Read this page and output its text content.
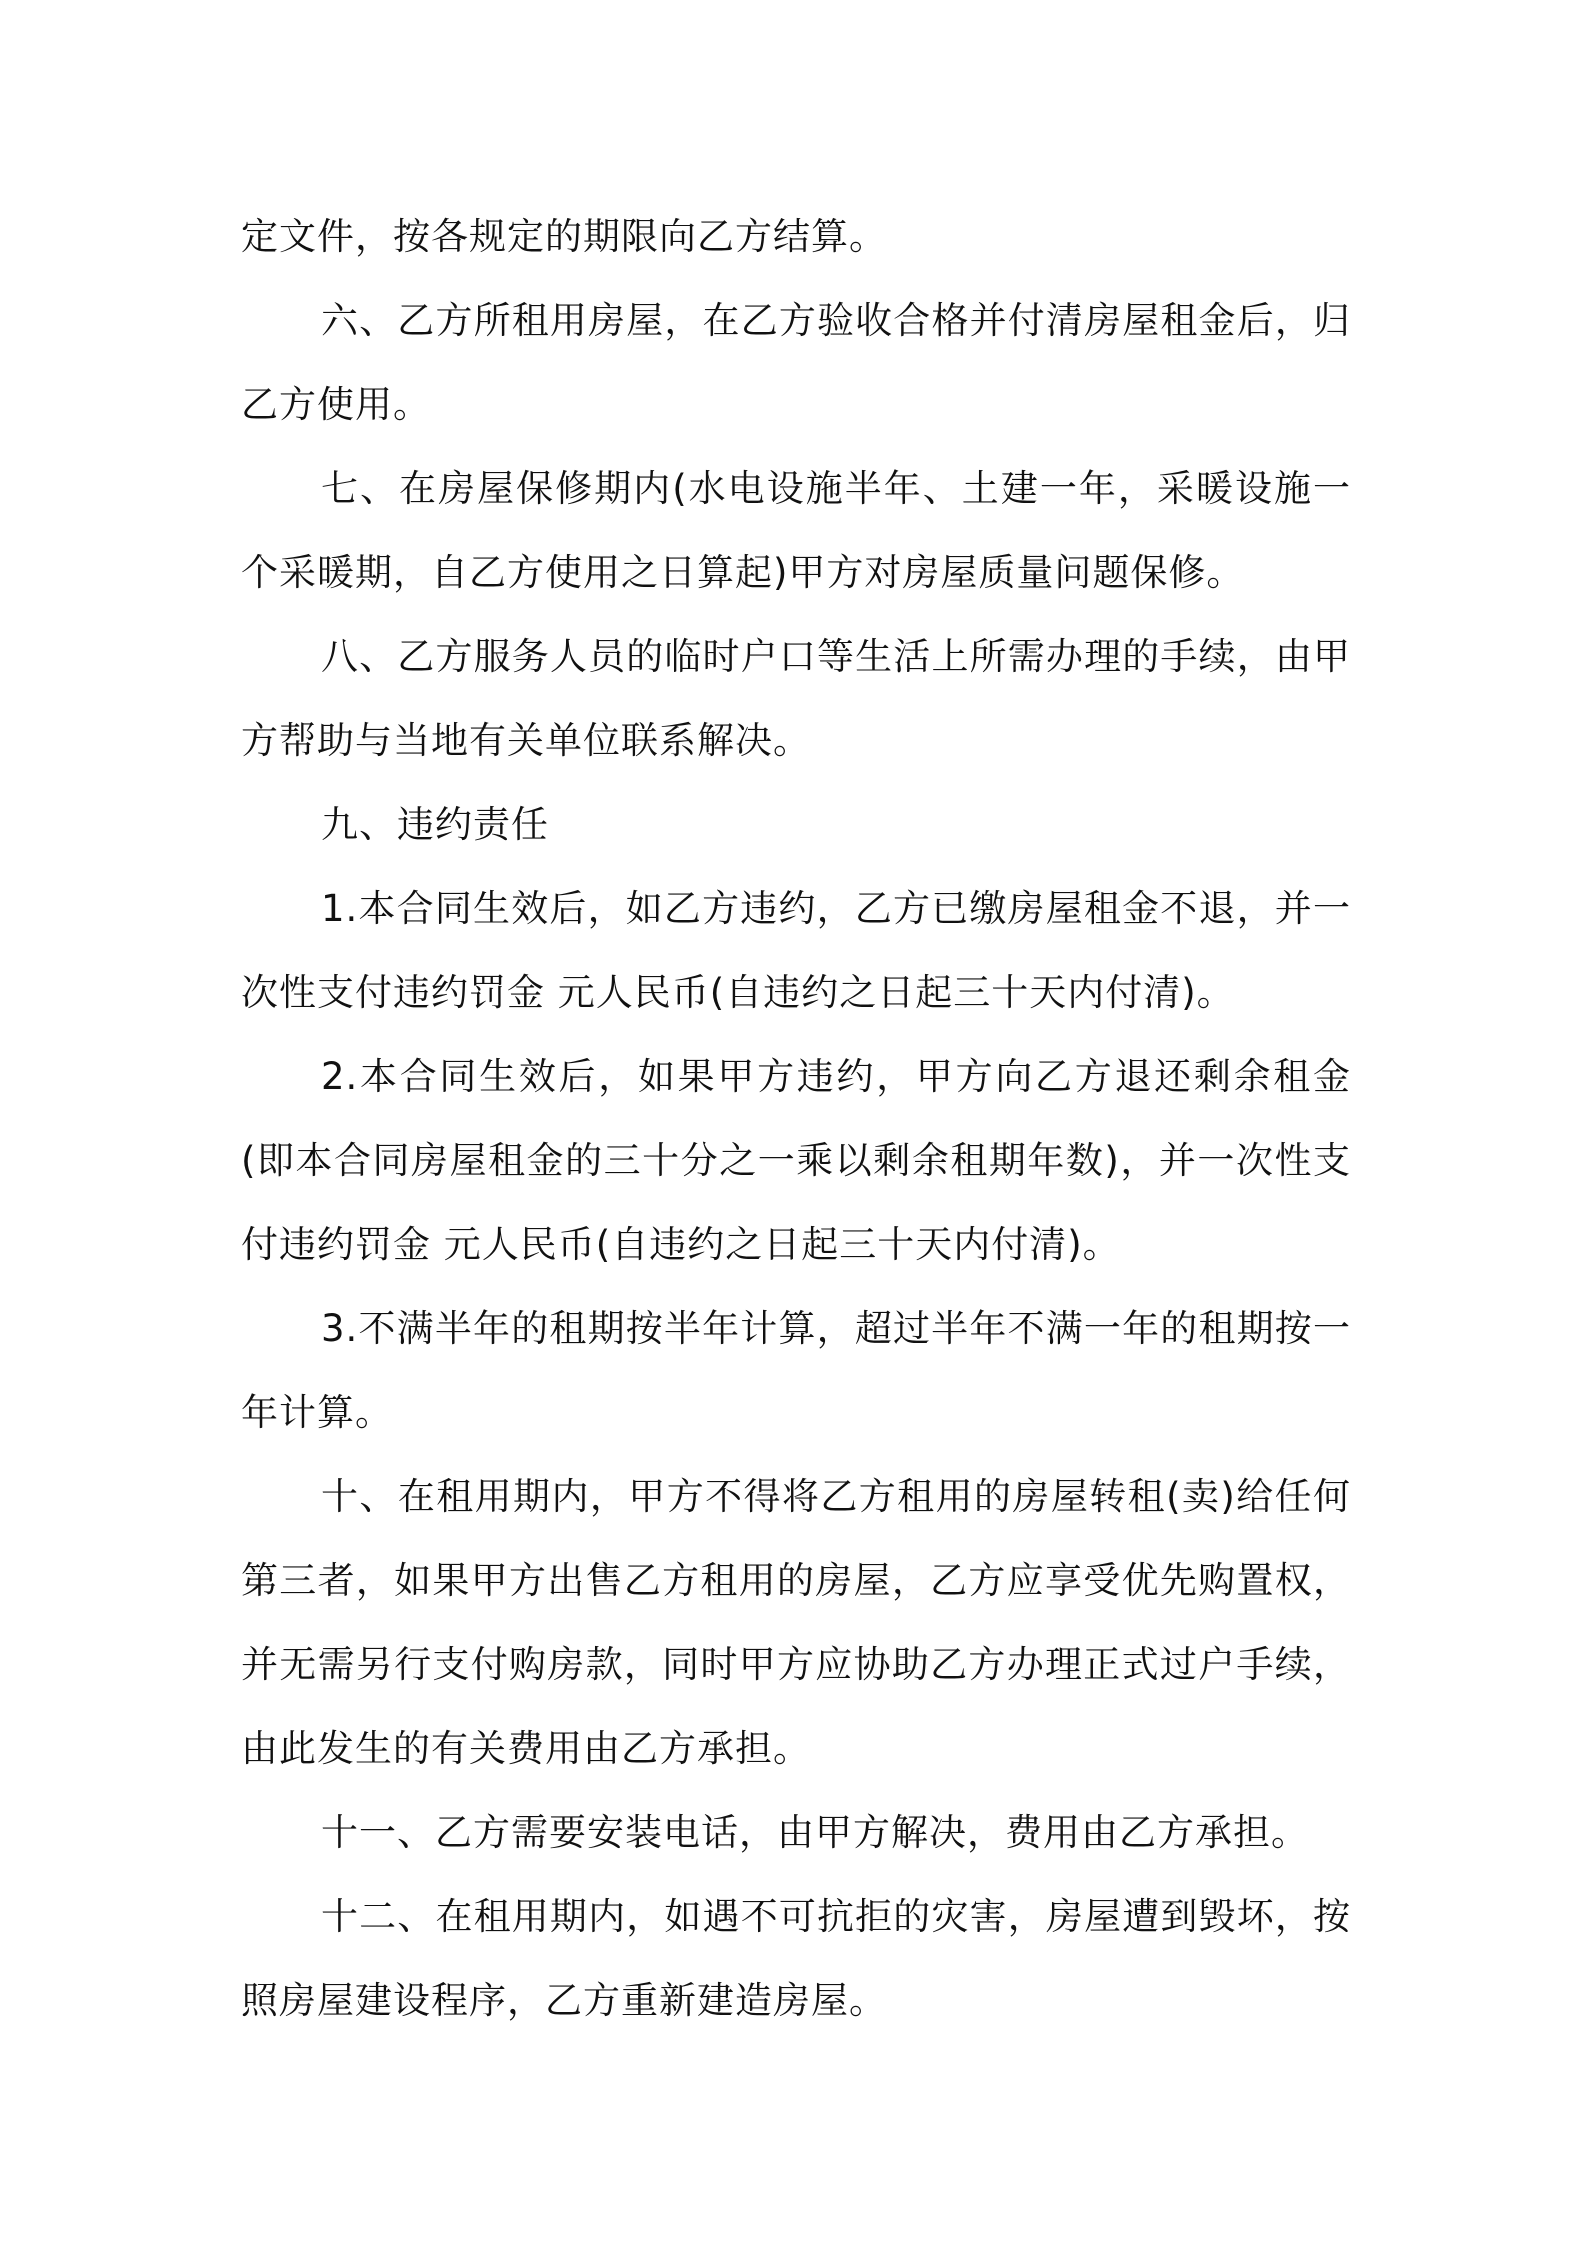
定文件，按各规定的期限向乙方结算。

六、乙方所租用房屋，在乙方验收合格并付清房屋租金后，归乙方使用。

七、在房屋保修期内(水电设施半年、土建一年，采暖设施一个采暖期，自乙方使用之日算起)甲方对房屋质量问题保修。

八、乙方服务人员的临时户口等生活上所需办理的手续，由甲方帮助与当地有关单位联系解决。

九、违约责任

1.本合同生效后，如乙方违约，乙方已缴房屋租金不退，并一次性支付违约罚金 元人民币(自违约之日起三十天内付清)。

2.本合同生效后，如果甲方违约，甲方向乙方退还剩余租金(即本合同房屋租金的三十分之一乘以剩余租期年数)，并一次性支付违约罚金 元人民币(自违约之日起三十天内付清)。

3.不满半年的租期按半年计算，超过半年不满一年的租期按一年计算。

十、在租用期内，甲方不得将乙方租用的房屋转租(卖)给任何第三者，如果甲方出售乙方租用的房屋，乙方应享受优先购置权，并无需另行支付购房款，同时甲方应协助乙方办理正式过户手续，由此发生的有关费用由乙方承担。

十一、乙方需要安装电话，由甲方解决，费用由乙方承担。

十二、在租用期内，如遇不可抗拒的灾害，房屋遭到毁坏，按照房屋建设程序，乙方重新建造房屋。
